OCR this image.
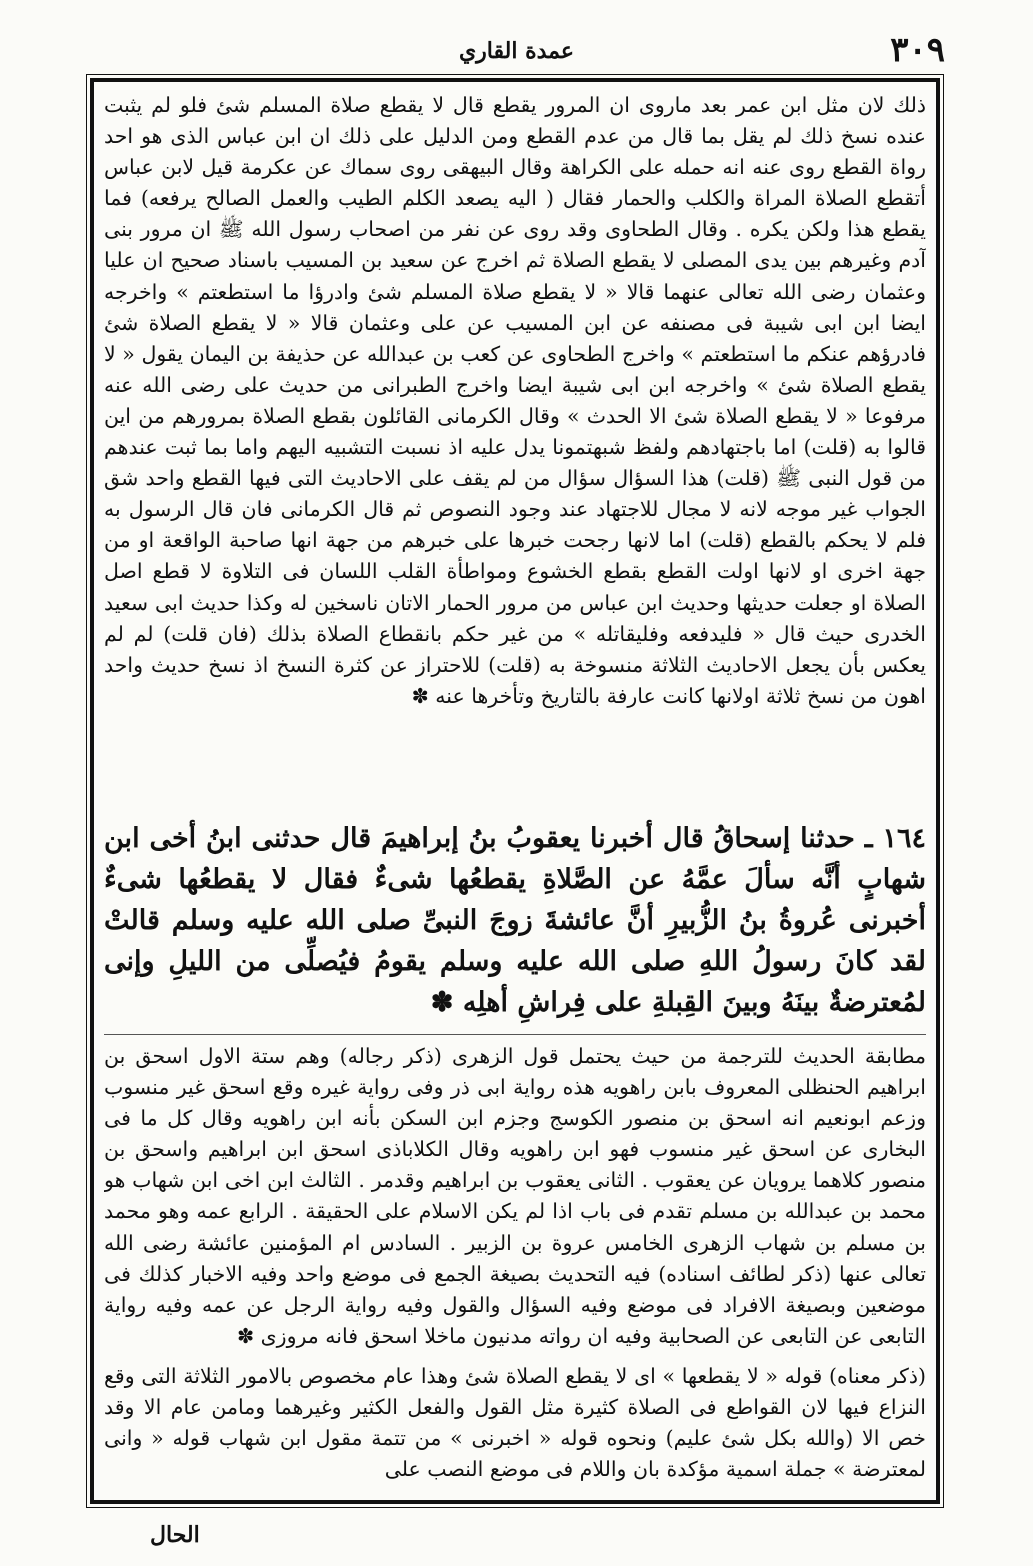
عمدة القاري	٣٠٩

ذلك لان مثل ابن عمر بعد ماروى ان المرور يقطع قال لا يقطع صلاة المسلم شئ فلو لم يثبت عنده نسخ ذلك لم يقل بما قال من عدم القطع ومن الدليل على ذلك ان ابن عباس الذى هو احد رواة القطع روى عنه انه حمله على الكراهة وقال البيهقى روى سماك عن عكرمة قيل لابن عباس أتقطع الصلاة المراة والكلب والحمار فقال ( اليه يصعد الكلم الطيب والعمل الصالح يرفعه) فما يقطع هذا ولكن يكره . وقال الطحاوى وقد روى عن نفر من اصحاب رسول الله ﷺ ان مرور بنى آدم وغيرهم بين يدى المصلى لا يقطع الصلاة ثم اخرج عن سعيد بن المسيب باسناد صحيح ان عليا وعثمان رضى الله تعالى عنهما قالا « لا يقطع صلاة المسلم شئ وادرؤا ما استطعتم » واخرجه ايضا ابن ابى شيبة فى مصنفه عن ابن المسيب عن على وعثمان قالا « لا يقطع الصلاة شئ فادرؤهم عنكم ما استطعتم » واخرج الطحاوى عن كعب بن عبدالله عن حذيفة بن اليمان يقول « لا يقطع الصلاة شئ » واخرجه ابن ابى شيبة ايضا واخرج الطبرانى من حديث على رضى الله عنه مرفوعا « لا يقطع الصلاة شئ الا الحدث » وقال الكرمانى القائلون بقطع الصلاة بمرورهم من اين قالوا به (قلت) اما باجتهادهم ولفظ شبهتمونا يدل عليه اذ نسبت التشبيه اليهم واما بما ثبت عندهم من قول النبى ﷺ (قلت) هذا السؤال سؤال من لم يقف على الاحاديث التى فيها القطع واحد شق الجواب غير موجه لانه لا مجال للاجتهاد عند وجود النصوص ثم قال الكرمانى فان قال الرسول به فلم لا يحكم بالقطع (قلت) اما لانها رجحت خبرها على خبرهم من جهة انها صاحبة الواقعة او من جهة اخرى او لانها اولت القطع بقطع الخشوع ومواطأة القلب اللسان فى التلاوة لا قطع اصل الصلاة او جعلت حديثها وحديث ابن عباس من مرور الحمار الاتان ناسخين له وكذا حديث ابى سعيد الخدرى حيث قال « فليدفعه وفليقاتله » من غير حكم بانقطاع الصلاة بذلك (فان قلت) لم لم يعكس بأن يجعل الاحاديث الثلاثة منسوخة به (قلت) للاحتراز عن كثرة النسخ اذ نسخ حديث واحد اهون من نسخ ثلاثة اولانها كانت عارفة بالتاريخ وتأخرها عنه ✽

١٦٤ ـ حدثنا إسحاقُ قال أخبرنا يعقوبُ بنُ إبراهيمَ قال حدثنى ابنُ أخى ابن شهابٍ أنَّه سألَ عمَّهُ عن الصَّلاةِ يقطعُها شىءٌ فقال لا يقطعُها شىءٌ أخبرنى عُروةُ بنُ الزُّبيرِ أنَّ عائشةَ زوجَ النبىِّ صلى الله عليه وسلم قالتْ لقد كانَ رسولُ اللهِ صلى الله عليه وسلم يقومُ فيُصلِّى من الليلِ وإنى لمُعترضةٌ بينَهُ وبينَ القِبلةِ على فِراشِ أهلِه ✽

مطابقة الحديث للترجمة من حيث يحتمل قول الزهرى (ذكر رجاله) وهم ستة الاول اسحق بن ابراهيم الحنظلى المعروف بابن راهويه هذه رواية ابى ذر وفى رواية غيره وقع اسحق غير منسوب وزعم ابونعيم انه اسحق بن منصور الكوسج وجزم ابن السكن بأنه ابن راهويه وقال كل ما فى البخارى عن اسحق غير منسوب فهو ابن راهويه وقال الكلاباذى اسحق ابن ابراهيم واسحق بن منصور كلاهما يرويان عن يعقوب . الثانى يعقوب بن ابراهيم وقدمر . الثالث ابن اخى ابن شهاب هو محمد بن عبدالله بن مسلم تقدم فى باب اذا لم يكن الاسلام على الحقيقة . الرابع عمه وهو محمد بن مسلم بن شهاب الزهرى الخامس عروة بن الزبير . السادس ام المؤمنين عائشة رضى الله تعالى عنها (ذكر لطائف اسناده) فيه التحديث بصيغة الجمع فى موضع واحد وفيه الاخبار كذلك فى موضعين وبصيغة الافراد فى موضع وفيه السؤال والقول وفيه رواية الرجل عن عمه وفيه رواية التابعى عن التابعى عن الصحابية وفيه ان رواته مدنيون ماخلا اسحق فانه مروزى ✽

(ذكر معناه) قوله « لا يقطعها » اى لا يقطع الصلاة شئ وهذا عام مخصوص بالامور الثلاثة التى وقع النزاع فيها لان القواطع فى الصلاة كثيرة مثل القول والفعل الكثير وغيرهما ومامن عام الا وقد خص الا (والله بكل شئ عليم) ونحوه قوله « اخبرنى » من تتمة مقول ابن شهاب قوله « وانى لمعترضة » جملة اسمية مؤكدة بان واللام فى موضع النصب على

الحال
